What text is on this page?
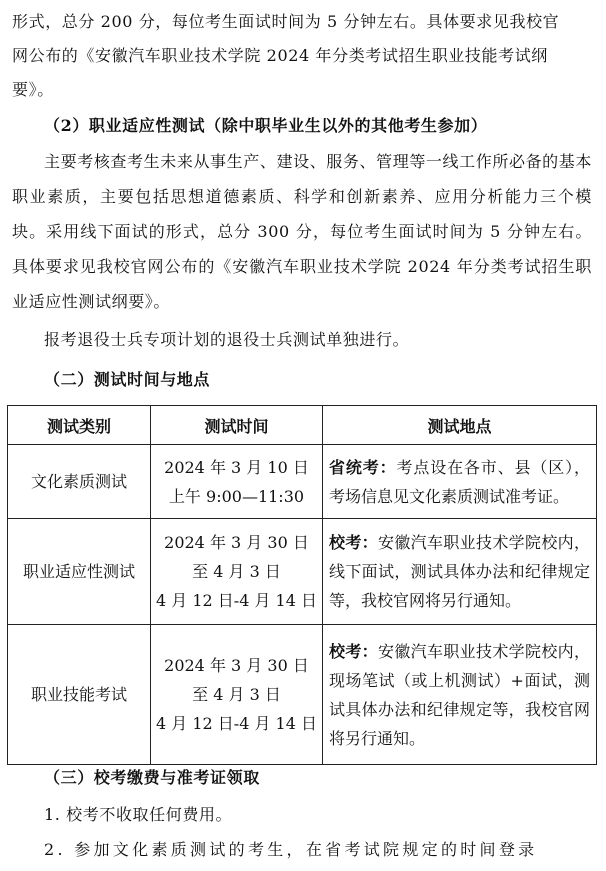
形式，总分 200 分，每位考生面试时间为 5 分钟左右。具体要求见我校官
网公布的《安徽汽车职业技术学院 2024 年分类考试招生职业技能考试纲
要》。
（2）职业适应性测试（除中职毕业生以外的其他考生参加）

主要考核查考生未来从事生产、建设、服务、管理等一线工作所必备的基本职业素质，主要包括思想道德素质、科学和创新素养、应用分析能力三个模块。采用线下面试的形式，总分 300 分，每位考生面试时间为 5 分钟左右。具体要求见我校官网公布的《安徽汽车职业技术学院 2024 年分类考试招生职业适应性测试纲要》。

报考退役士兵专项计划的退役士兵测试单独进行。
（二）测试时间与地点
测试类别	测试时间	测试地点
文化素质测试	2024 年 3 月 10 日
上午 9:00—11:30	省统考：考点设在各市、县（区），考场信息见文化素质测试准考证。
职业适应性测试	2024 年 3 月 30 日
至 4 月 3 日
4 月 12 日-4 月 14 日	校考：安徽汽车职业技术学院校内，线下面试，测试具体办法和纪律规定等，我校官网将另行通知。
职业技能考试	2024 年 3 月 30 日
至 4 月 3 日
4 月 12 日-4 月 14 日	校考：安徽汽车职业技术学院校内，现场笔试（或上机测试）+面试，测试具体办法和纪律规定等，我校官网将另行通知。
（三）校考缴费与准考证领取
1. 校考不收取任何费用。
2. 参加文化素质测试的考生，在省考试院规定的时间登录
